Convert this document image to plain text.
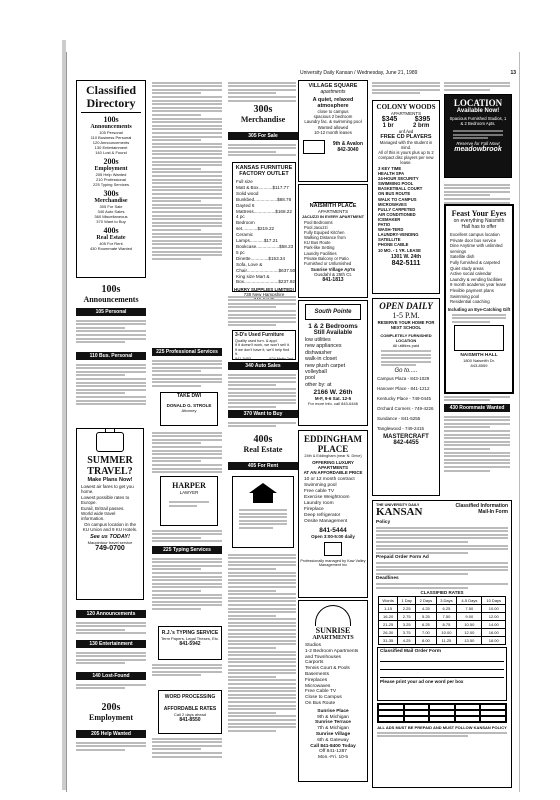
University Daily Kansan / Wednesday, June 21, 1989	13
Classified
Directory
100s
Announcements
105 Personal
110 Business Personal
120 Announcements
130 Entertainment
140 Lost & Found
200s
Employment
205 Help Wanted
210 Professional
225 Typing Services
300s
Merchandise
305 For Sale
340 Auto Sales
360 Miscellaneous
370 Want to Buy
400s
Real Estate
405 For Rent
430 Roommate Wanted
100s
Announcements
105 Personal
110 Bus. Personal
SUMMER
TRAVEL?
Make Plans Now!
Lowest air fares to get you home.
Lowest possible rates to Europe.
Eurail, Britrail passes.
World wide travel information.
On campus location in the KU Union and 9 KU Hotels.
See us TODAY!
Maupintour travel service
749-0700
120 Announcements
130 Entertainment
140 Lost-Found
200s
Employment
205 Help Wanted
225 Professional Services
TAKE DWI
DONALD G. STROLE
Attorney
HARPER
LAWYER
225 Typing Services
R.J.'s TYPING SERVICE
Term Papers, Legal Theses, Etc.
841-5942
WORD PROCESSING
AFFORDABLE RATES
Call 2 days ahead
841-8550
300s
Merchandise
305 For Sale
KANSAS FURNITURE
FACTORY OUTLET
Full size
Matt & Box...........$117.77
Solid wood
Bunkbed..................$88.76
Dayted 6
Mattress.................$168.22
4 pc
Bedroom set............$219.22
Ceramic Lamps...........$17.21
Bookcase..................$58.23
5 pc Dinette..............$153.34
Sofa, Love &
Chair.........................$637.50
King size Mart &
Box...........................$237.92
HURRY SUPPLIES LIMITED!
3-D's Used Furniture
Quality used furn. & appl.
If it doesn't work, we won't sell it.
If we don't have it, we'll help find it.
841-5453	624 Ninth 2nd
340 Auto Sales
370 Want to Buy
400s
Real Estate
405 For Rent
VILLAGE SQUARE
apartments
A quiet, relaxed atmosphere
close to campus
spacious 2 bedroom
Laundry fac. & swimming pool
Wanted allowed
10-12 month leases
9th & Avalon
842-3040
NAISMITH PLACE
APARTMENTS
JACUZZI IN EVERY APARTMENT
Pool Bedrooms
Pool Jacuzzi
Fully Equiped Kitchen
Walking Distance from
KU Bus Route
Park-like Setting
Laundry Facilities
Private Balcony or Patio
Furnished or Unfurnished
Sunrise Village Ap'ts
Ousdahl & 25th Ct.
841-1813
South Pointe
1 & 2 Bedrooms
Still Available
low utilities
new appliances
dishwasher
walk-in closet
new plush carpet
volleyball
pool
other by: at
2166 W. 26th
M-F, 9-6 Sat. 12-5
For more info. call 843-6446
EDDINGHAM
PLACE
24th & Eddingham (near N. Drive)
OFFERING LUXURY
APARTMENTS
AT AN AFFORDABLE PRICE
10 or 12 month contract
Swimming pool
Free cable TV
Exercise Weightroom
Laundry room
Fireplace
Deep refrigerator
Onsite Management
841-5444
Open 3:00-5:00 daily
Professionally managed by Kaw Valley Management Inc
SUNRISE
APARTMENTS
Studios
1-2 Bedroom Apartments and Townhouses
Carports
Tennis Court & Pools
Basements
Fireplaces
Microwaves
Free Cable TV
Close to Campus
On Bus Route
Sunrise Place
9th & Michigan
Sunrise Terrace
7th & Michigan
Sunrise Village
6th & Gateway
Call 841-8400 Today
Off 841-1287
Mon.-Fri. 10-5
COLONY WOODS
APARTMENTS
$345 $395
1 br	2 brm
unf./wd
FREE CD PLAYERS
Managed with the student in mind.
All of this is yours plus up to 2 compact disc players per new lease.
3 KEY TIME
HEALTH SPA
24-HOUR SECURITY
SWIMMING POOL
BASKETBALL COURT
ON BUS ROUTE
WALK TO CAMPUS
MICROWAVES
FULLY CARPETED
AIR CONDITIONED
ICEMAKER
PATIO
WASH-TERD
LAUNDRY-VENDING
SATELLITE
PHONE CABLE
10 MO. - 1 YR. LEASE
1301 W. 24th
842-5111
OPEN DAILY
1-5 P.M.
RESERVE YOUR HOME FOR NEXT SCHOOL
COMPLETELY FURNISHED LOCATION
All utilities paid
Go to.....
Campus Plaza - 843-1029
Hanover Place - 841-1212
Kentucky Place - 749-0445
Orchard Corners - 749-4226
Sundance - 841-5255
Tanglewood - 749-2415
MASTERCRAFT
842-4455
LOCATION
Available Now!
Spacious Furnished Studios, 1 & 2 Bedroom Apts.
Reserve for Fall Now!
meadowbrook
Feast Your Eyes
on everything Naismith Hall has to offer
Excellent campus location
Private door bus service
Dine Anytime with unlimited servings
Satellite dish
Fully furnished & carpeted
Quiet study areas
Active social calendar
Laundry & vending facilities
9 month academic year lease
Flexible payment plans
Swimming pool
Residential coaching
Including an Eye-Catching Gift
NAISMITH HALL
1800 Naismith Dr.
843-8559
430 Roommate Wanted
THE UNIVERSITY DAILY
KANSAN	Classified Information
Mail-In Form
Policy
Prepaid Order Form Ad
Deadlines
CLASSIFIED RATES
Words	1 Day	2 Days	3 Days	4-5 Days	10 Days
1-15	2.25	4.25	6.25	7.50	10.00
16-20	2.75	5.25	7.50	9.00	12.00
21-25	3.25	6.25	8.75	10.50	14.00
26-30	3.75	7.00	10.00	12.00	16.00
31-35	4.25	8.00	11.25	13.50	18.00
Classified Mail Order Form
Please print your ad one word per box
ALL ADS MUST BE PREPAID AND MUST FOLLOW KANSAN POLICY
